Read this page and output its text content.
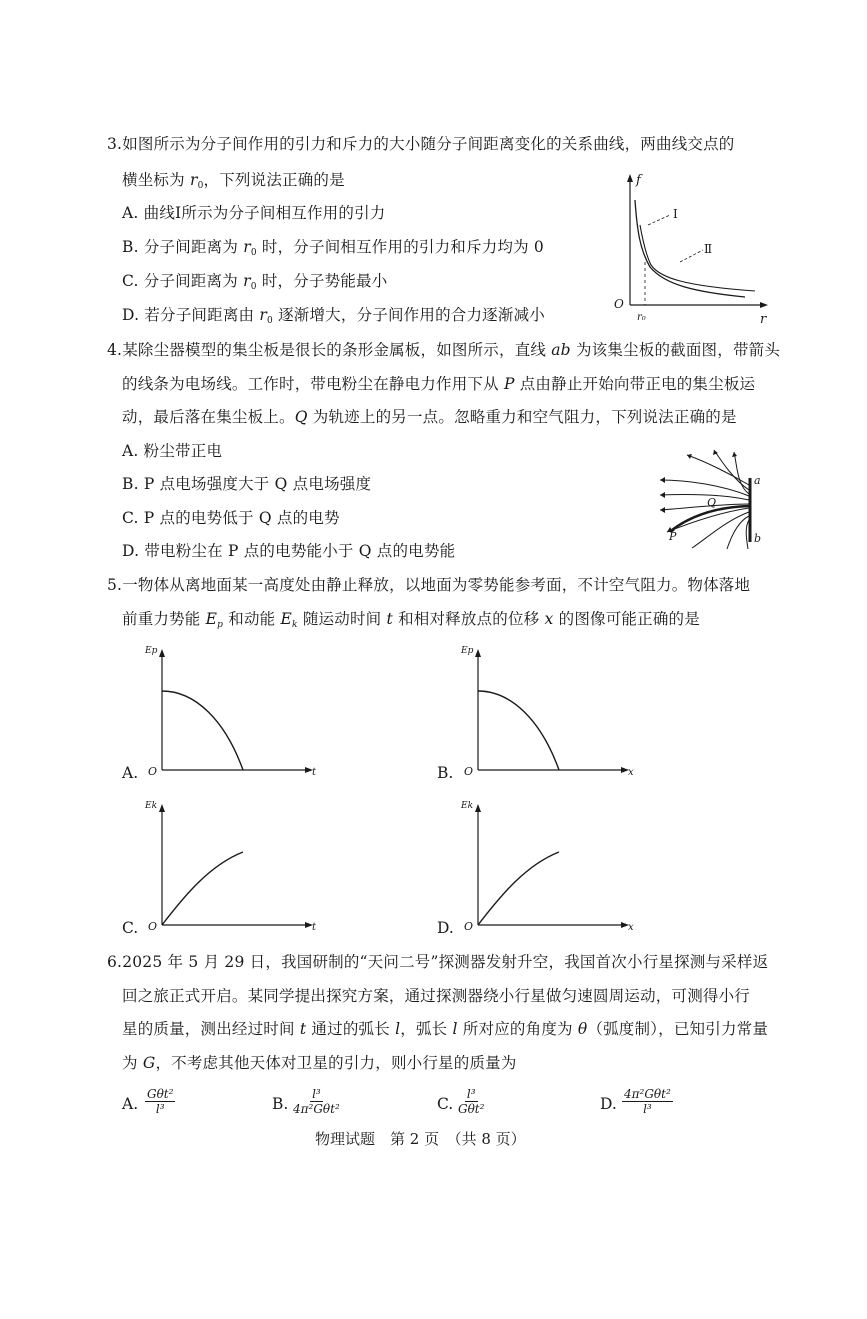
3.如图所示为分子间作用的引力和斥力的大小随分子间距离变化的关系曲线，两曲线交点的
横坐标为 $r_0$，下列说法正确的是
A. 曲线Ⅰ所示为分子间相互作用的引力
B. 分子间距离为 $r_0$ 时，分子间相互作用的引力和斥力均为 0
C. 分子间距离为 $r_0$ 时，分子势能最小
D. 若分子间距离由 $r_0$ 逐渐增大，分子间作用的合力逐渐减小
f
r
O
r₀
Ⅰ
Ⅱ
4.某除尘器模型的集尘板是很长的条形金属板，如图所示，直线 ab 为该集尘板的截面图，带箭头
的线条为电场线。工作时，带电粉尘在静电力作用下从 P 点由静止开始向带正电的集尘板运
动，最后落在集尘板上。Q 为轨迹上的另一点。忽略重力和空气阻力，下列说法正确的是
A. 粉尘带正电
B. P 点电场强度大于 Q 点电场强度
C. P 点的电势低于 Q 点的电势
D. 带电粉尘在 P 点的电势能小于 Q 点的电势能
a
b
P
Q
5.一物体从离地面某一高度处由静止释放，以地面为零势能参考面，不计空气阻力。物体落地
前重力势能 $E_p$ 和动能 $E_k$ 随运动时间 t 和相对释放点的位移 x 的图像可能正确的是
A.
Ep
t
O	B.
Ep
x
O
C.
Ek
t
O	D.
Ek
x
O
6.2025 年 5 月 29 日，我国研制的“天问二号”探测器发射升空，我国首次小行星探测与采样返
回之旅正式开启。某同学提出探究方案，通过探测器绕小行星做匀速圆周运动，可测得小行
星的质量，测出经过时间 t 通过的弧长 l，弧长 l 所对应的角度为 θ（弧度制），已知引力常量
为 G，不考虑其他天体对卫星的引力，则小行星的质量为
A.
Gθt²
l³	B.
l³
4π²Gθt²	C.
l³
Gθt²	D.
4π²Gθt²
l³
物理试题　第 2 页　（共 8 页）
